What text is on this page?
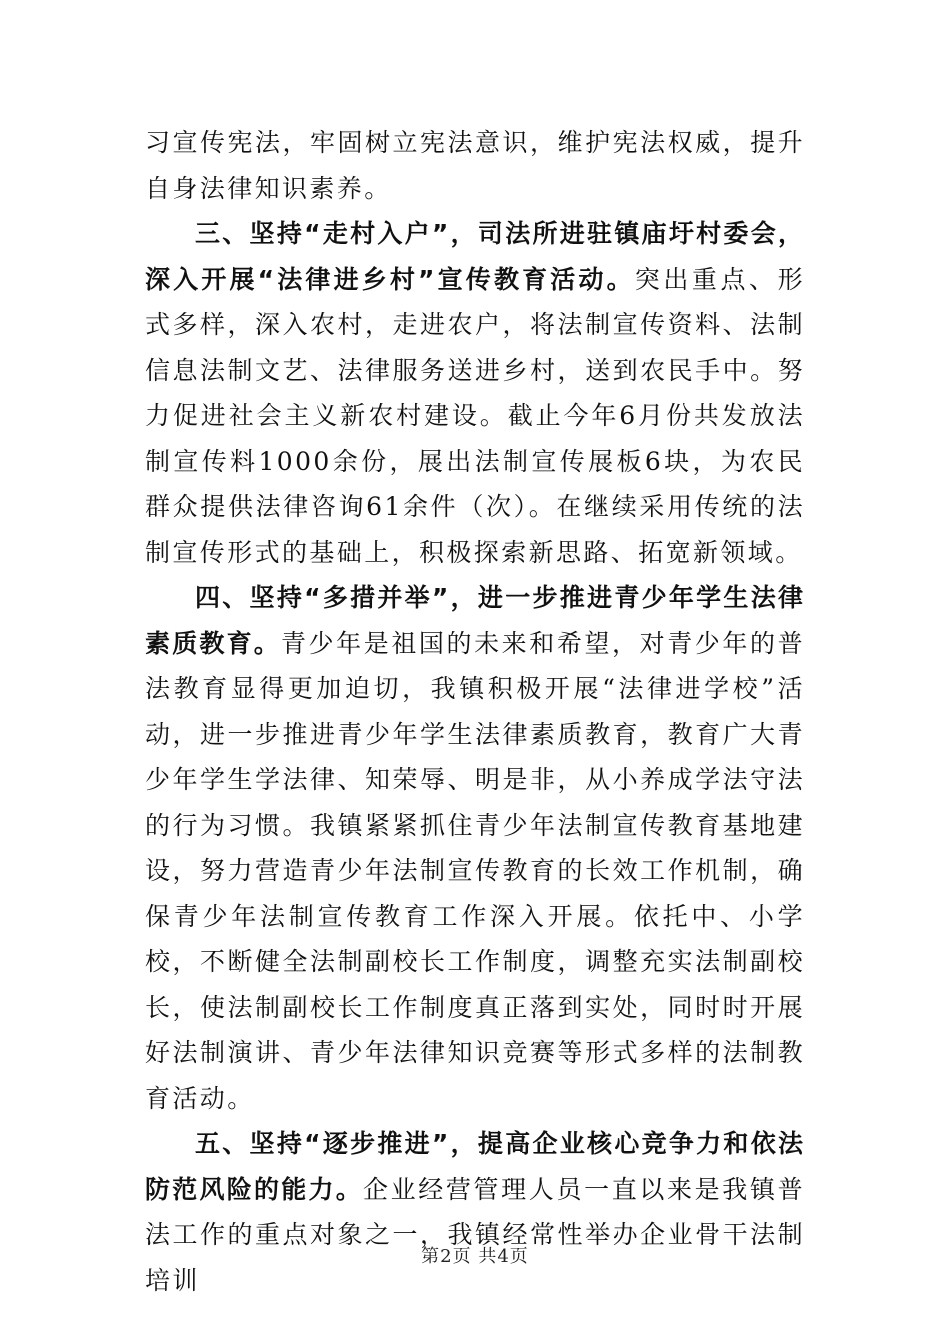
习宣传宪法，牢固树立宪法意识，维护宪法权威，提升自身法律知识素养。

三、坚持“走村入户”，司法所进驻镇庙圩村委会，深入开展“法律进乡村”宣传教育活动。突出重点、形式多样，深入农村，走进农户，将法制宣传资料、法制信息法制文艺、法律服务送进乡村，送到农民手中。努力促进社会主义新农村建设。截止今年6月份共发放法制宣传料1000余份，展出法制宣传展板6块，为农民群众提供法律咨询61余件（次）。在继续采用传统的法制宣传形式的基础上，积极探索新思路、拓宽新领域。

四、坚持“多措并举”，进一步推进青少年学生法律素质教育。青少年是祖国的未来和希望，对青少年的普法教育显得更加迫切，我镇积极开展“法律进学校”活动，进一步推进青少年学生法律素质教育，教育广大青少年学生学法律、知荣辱、明是非，从小养成学法守法的行为习惯。我镇紧紧抓住青少年法制宣传教育基地建设，努力营造青少年法制宣传教育的长效工作机制，确保青少年法制宣传教育工作深入开展。依托中、小学校，不断健全法制副校长工作制度，调整充实法制副校长，使法制副校长工作制度真正落到实处，同时时开展好法制演讲、青少年法律知识竞赛等形式多样的法制教育活动。

五、坚持“逐步推进”，提高企业核心竞争力和依法防范风险的能力。企业经营管理人员一直以来是我镇普法工作的重点对象之一，我镇经常性举办企业骨干法制培训

第2页 共4页
